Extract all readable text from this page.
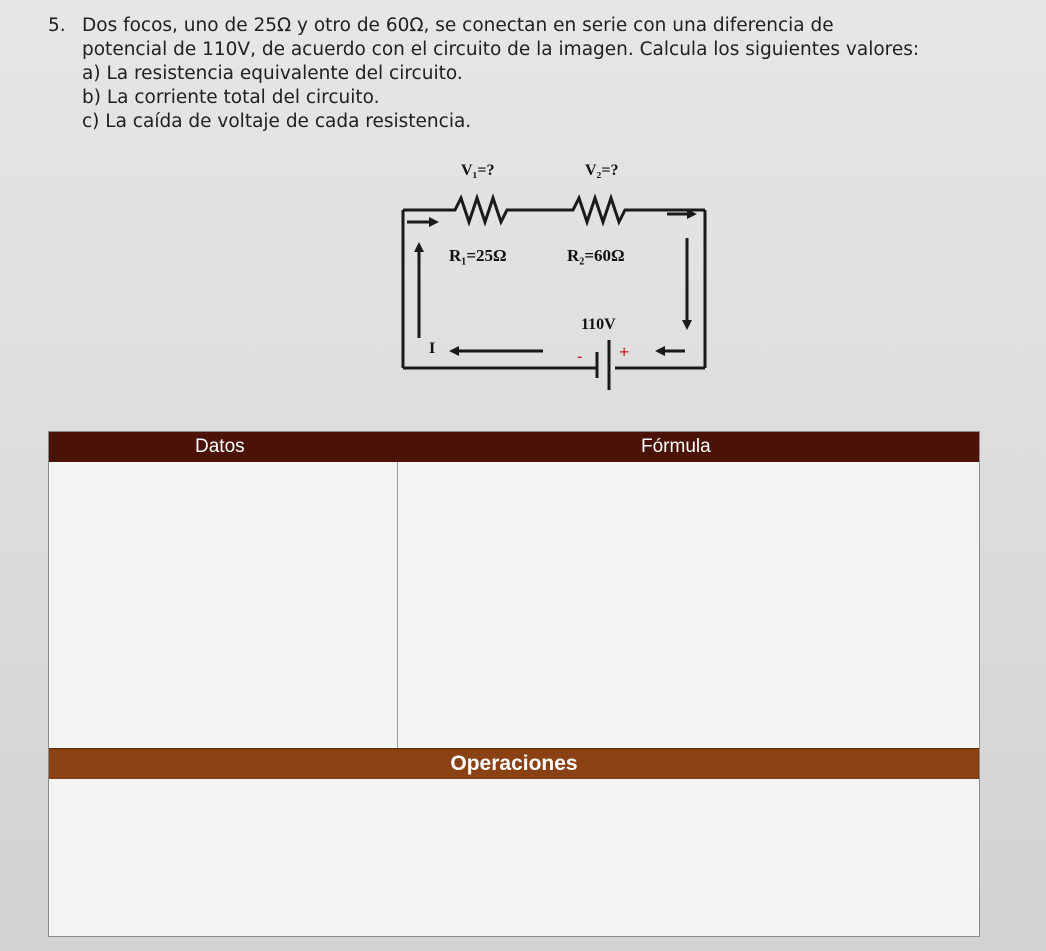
5. Dos focos, uno de 25Ω y otro de 60Ω, se conectan en serie con una diferencia de
potencial de 110V, de acuerdo con el circuito de la imagen. Calcula los siguientes valores:
a) La resistencia equivalente del circuito.
b) La corriente total del circuito.
c) La caída de voltaje de cada resistencia.
V₁=?	V₂=?
R₁=25Ω	R₂=60Ω
110V
I	- +
Datos	Fórmula
Operaciones
